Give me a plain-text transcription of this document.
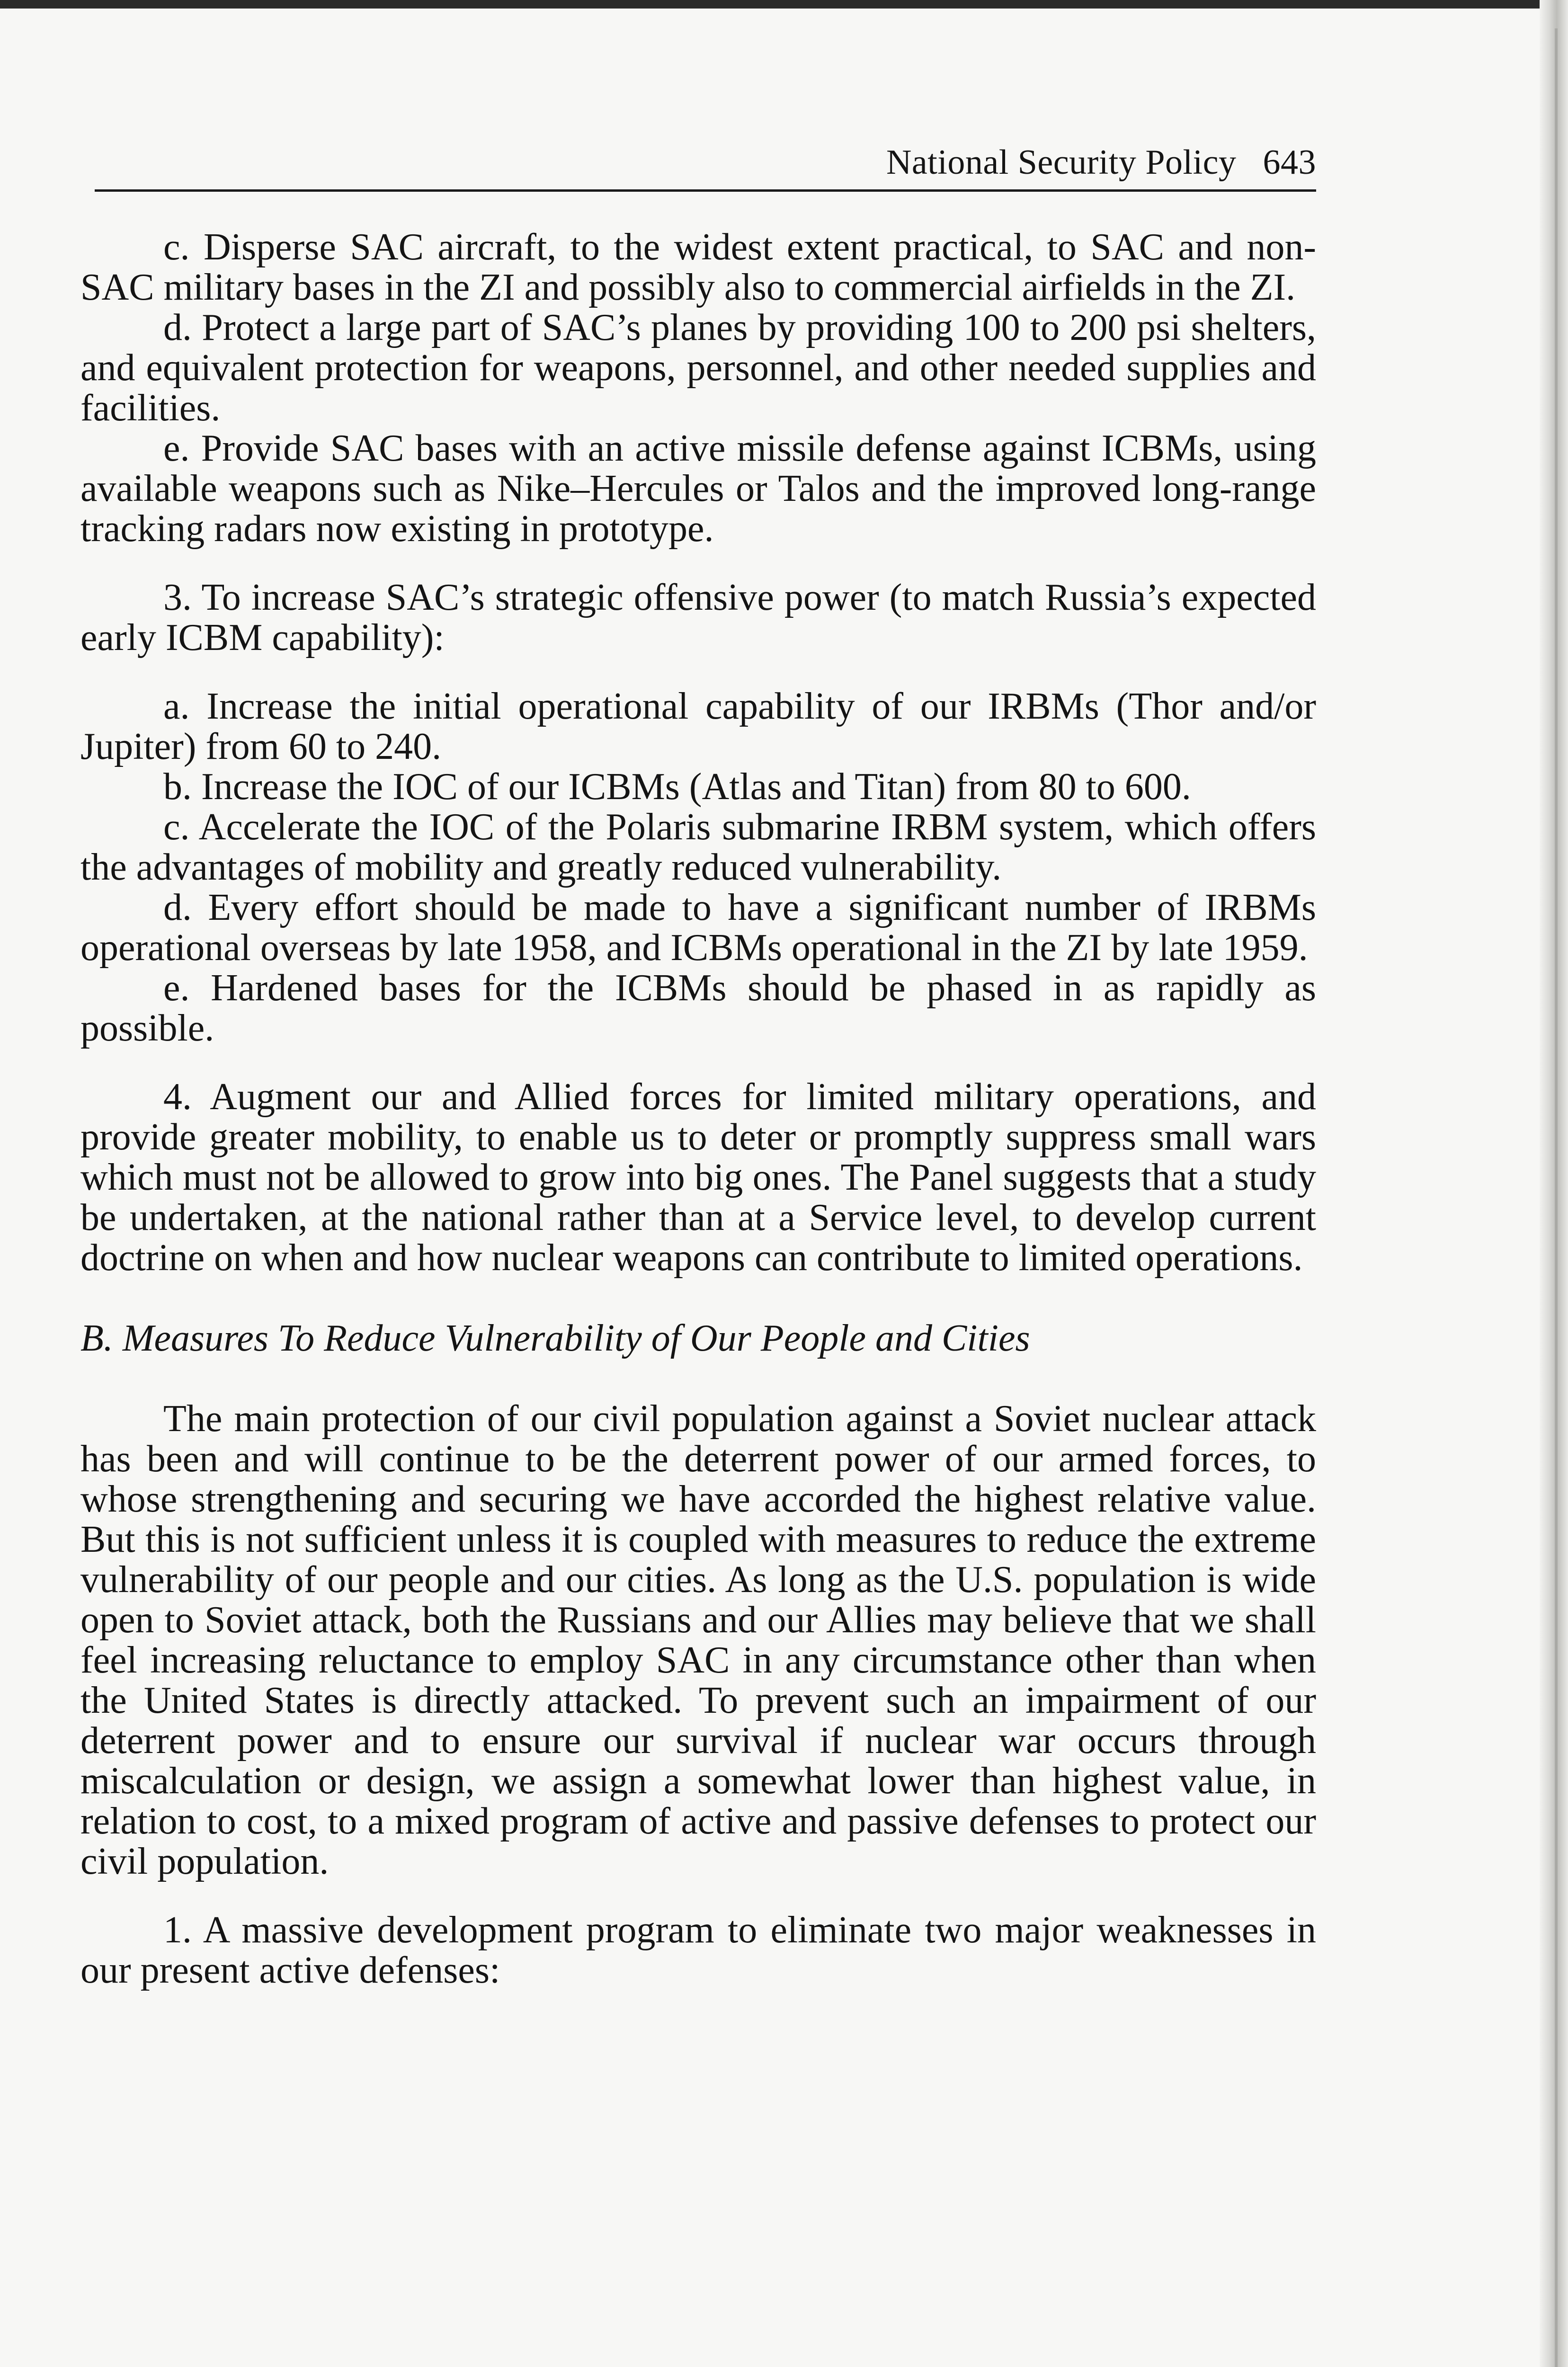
National Security Policy 643

c. Disperse SAC aircraft, to the widest extent practical, to SAC and non-SAC military bases in the ZI and possibly also to commercial airfields in the ZI.

d. Protect a large part of SAC’s planes by providing 100 to 200 psi shelters, and equivalent protection for weapons, personnel, and other needed supplies and facilities.

e. Provide SAC bases with an active missile defense against ICBMs, using available weapons such as Nike–Hercules or Talos and the improved long-range tracking radars now existing in prototype.

3. To increase SAC’s strategic offensive power (to match Russia’s expected early ICBM capability):

a. Increase the initial operational capability of our IRBMs (Thor and/or Jupiter) from 60 to 240.

b. Increase the IOC of our ICBMs (Atlas and Titan) from 80 to 600.

c. Accelerate the IOC of the Polaris submarine IRBM system, which offers the advantages of mobility and greatly reduced vulnerability.

d. Every effort should be made to have a significant number of IRBMs operational overseas by late 1958, and ICBMs operational in the ZI by late 1959.

e. Hardened bases for the ICBMs should be phased in as rapidly as possible.

4. Augment our and Allied forces for limited military operations, and provide greater mobility, to enable us to deter or promptly suppress small wars which must not be allowed to grow into big ones. The Panel suggests that a study be undertaken, at the national rather than at a Service level, to develop current doctrine on when and how nuclear weapons can contribute to limited operations.

B. Measures To Reduce Vulnerability of Our People and Cities

The main protection of our civil population against a Soviet nuclear attack has been and will continue to be the deterrent power of our armed forces, to whose strengthening and securing we have accorded the highest relative value. But this is not sufficient unless it is coupled with measures to reduce the extreme vulnerability of our people and our cities. As long as the U.S. population is wide open to Soviet attack, both the Russians and our Allies may believe that we shall feel increasing reluctance to employ SAC in any circumstance other than when the United States is directly attacked. To prevent such an impairment of our deterrent power and to ensure our survival if nuclear war occurs through miscalculation or design, we assign a somewhat lower than highest value, in relation to cost, to a mixed program of active and passive defenses to protect our civil population.

1. A massive development program to eliminate two major weaknesses in our present active defenses:
